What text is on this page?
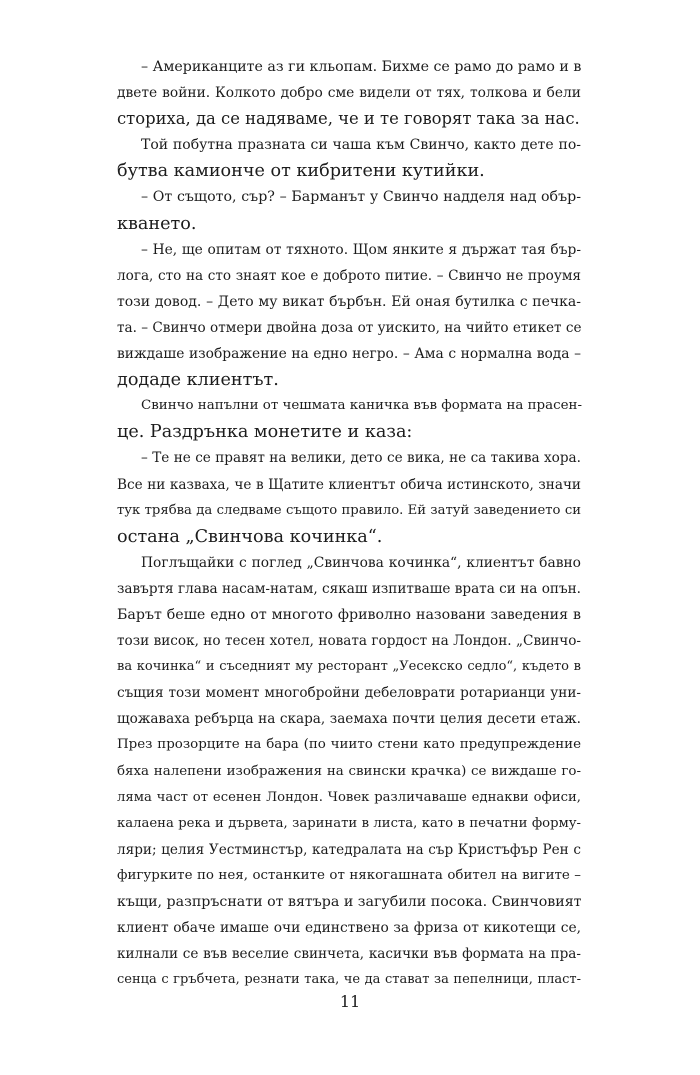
– Американците аз ги кльопам. Бихме се рамо до рамо и в
двете войни. Колкото добро сме видели от тях, толкова и бели
сториха, да се надяваме, че и те говорят така за нас.
Той побутна празната си чаша към Свинчо, както дете по-
бутва камионче от кибритени кутийки.
– От същото, сър? – Барманът у Свинчо надделя над обър-
кването.
– Не, ще опитам от тяхното. Щом янките я държат тая бър-
лога, сто на сто знаят кое е доброто питие. – Свинчо не проумя
този довод. – Дето му викат бърбън. Ей оная бутилка с печка-
та. – Свинчо отмери двойна доза от уискито, на чийто етикет се
виждаше изображение на едно негро. – Ама с нормална вода –
додаде клиентът.
Свинчо напълни от чешмата каничка във формата на прасен-
це. Раздрънка монетите и каза:
– Те не се правят на велики, дето се вика, не са такива хора.
Все ни казваха, че в Щатите клиентът обича истинското, значи
тук трябва да следваме същото правило. Ей затуй заведението си
остана „Свинчова кочинка“.
Поглъщайки с поглед „Свинчова кочинка“, клиентът бавно
завъртя глава насам-натам, сякаш изпитваше врата си на опън.
Барът беше едно от многото фриволно назовани заведения в
този висок, но тесен хотел, новата гордост на Лондон. „Свинчо-
ва кочинка“ и съседният му ресторант „Уесекско седло“, където в
същия този момент многобройни дебеловрати ротарианци уни-
щожаваха ребърца на скара, заемаха почти целия десети етаж.
През прозорците на бара (по чиито стени като предупреждение
бяха налепени изображения на свински крачка) се виждаше го-
ляма част от есенен Лондон. Човек различаваше еднакви офиси,
калаена река и дървета, заринати в листа, като в печатни форму-
ляри; целия Уестминстър, катедралата на сър Кристъфър Рен с
фигурките по нея, останките от някогашната обител на вигите –
къщи, разпръснати от вятъра и загубили посока. Свинчовият
клиент обаче имаше очи единствено за фриза от кикотещи се,
килнали се във веселие свинчета, касички във формата на пра-
сенца с гръбчета, резнати така, че да стават за пепелници, пласт-
11
